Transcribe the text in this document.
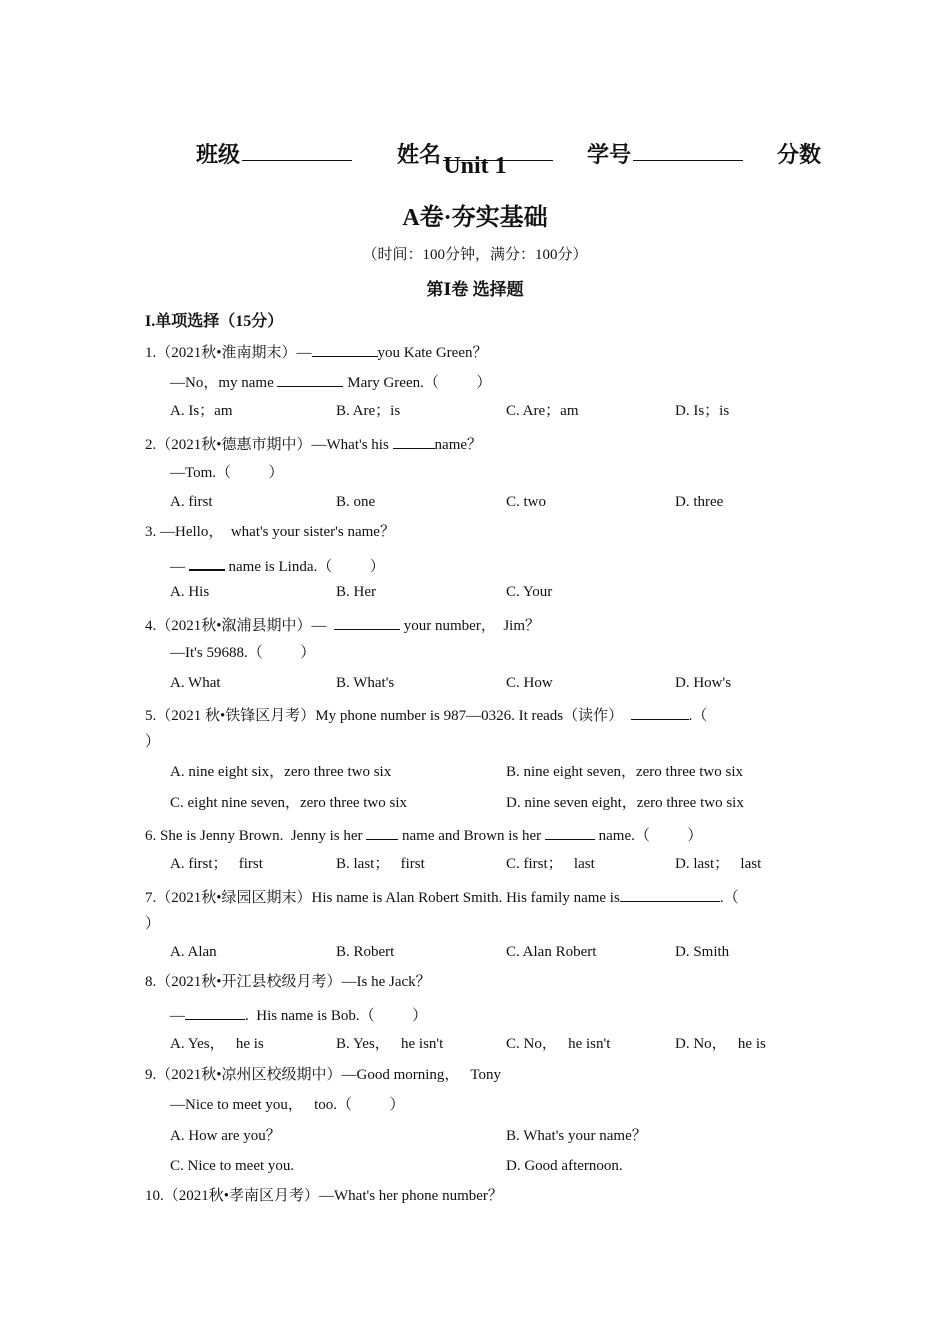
班级
	姓名
	学号
	分数

Unit 1
A卷·夯实基础
（时间：100分钟，满分：100分）
第Ⅰ卷 选择题
I.单项选择（15分）
1.（2021秋•淮南期末）—	you Kate Green？
—No，my name	Mary Green.（          ）
A. Is；am	B. Are；is	C. Are；am	D. Is；is
2.（2021秋•德惠市期中）—What's his	name？
—Tom.（          ）
A. first	B. one	C. two	D. three
3. —Hello，  what's your sister's name？
—  name is Linda.（          ）
A. His	B. Her	C. Your
4.（2021秋•溆浦县期中）—	your number，  Jim？
—It's 59688.（          ）
A. What	B. What's	C. How	D. How's
5.（2021 秋•铁锋区月考）My phone number is 987—0326. It reads（读作）	.（
）
A. nine eight six，zero three two six	B. nine eight seven，zero three two six
C. eight nine seven，zero three two six	D. nine seven eight，zero three two six
6. She is Jenny Brown.  Jenny is her  name and Brown is her	name.（          ）
A. first；   first	B. last；   first	C. first；   last	D. last；   last
7.（2021秋•绿园区期末）His name is Alan Robert Smith. His family name is	.（
）
A. Alan	B. Robert	C. Alan Robert	D. Smith
8.（2021秋•开江县校级月考）—Is he Jack？
—	.  His name is Bob.（          ）
A. Yes，   he is	B. Yes，   he isn't	C. No，   he isn't	D. No，   he is
9.（2021秋•凉州区校级期中）—Good morning，   Tony
—Nice to meet you，   too.（          ）
A. How are you？	B. What's your name？
C. Nice to meet you.	D. Good afternoon.
10.（2021秋•孝南区月考）—What's her phone number？
